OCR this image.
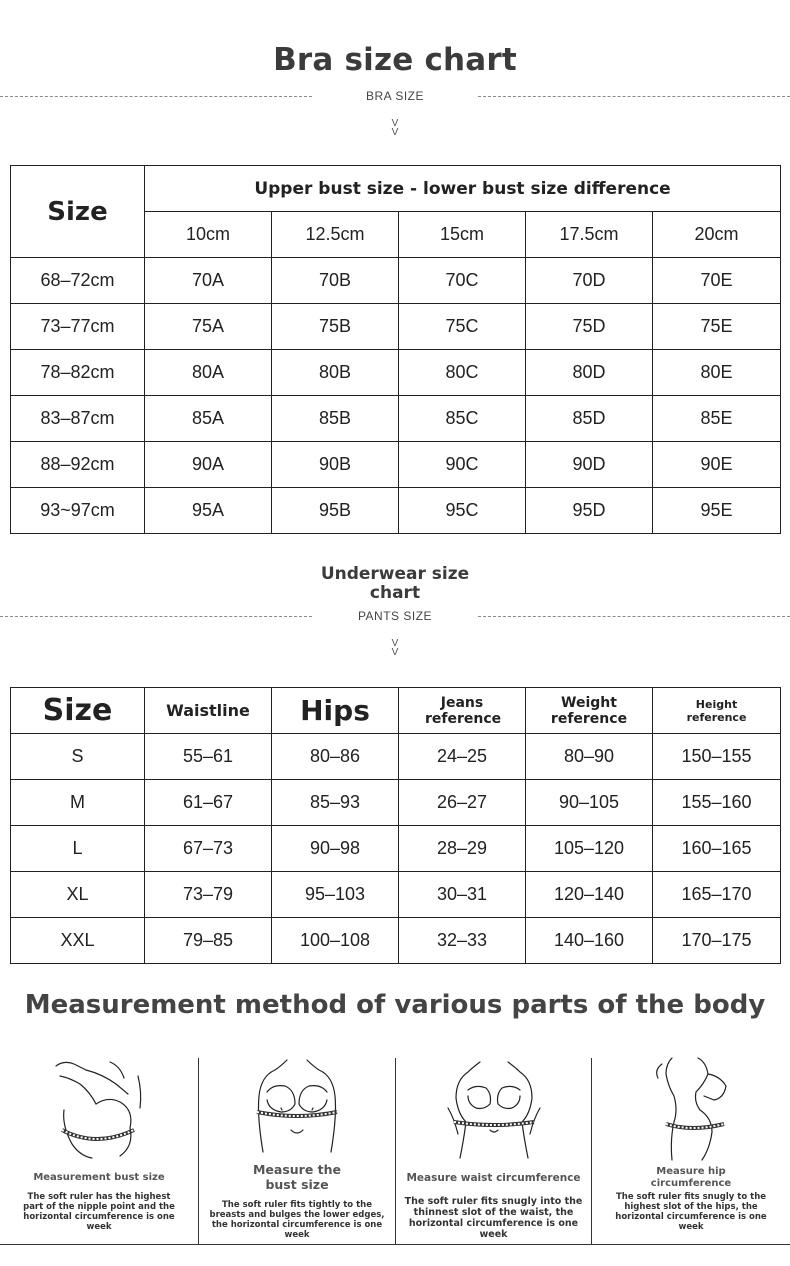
Bra size chart
BRA SIZE
V
V
Size	Upper bust size - lower bust size difference				
	10cm	12.5cm	15cm	17.5cm	20cm
68–72cm	70A	70B	70C	70D	70E
73–77cm	75A	75B	75C	75D	75E
78–82cm	80A	80B	80C	80D	80E
83–87cm	85A	85B	85C	85D	85E
88–92cm	90A	90B	90C	90D	90E
93~97cm	95A	95B	95C	95D	95E
Underwear size chart
PANTS SIZE
V
V
Size	Waistline	Hips	Jeans reference	Weight reference	Height reference
S	55–61	80–86	24–25	80–90	150–155
M	61–67	85–93	26–27	90–105	155–160
L	67–73	90–98	28–29	105–120	160–165
XL	73–79	95–103	30–31	120–140	165–170
XXL	79–85	100–108	32–33	140–160	170–175
Measurement method of various parts of the body
Measurement bust size
The soft ruler has the highest part of the nipple point and the horizontal circumference is one week
Measure the bust size
The soft ruler fits tightly to the breasts and bulges the lower edges, the horizontal circumference is one week
Measure waist circumference
The soft ruler fits snugly into the thinnest slot of the waist, the horizontal circumference is one week
Measure hip circumference
The soft ruler fits snugly to the highest slot of the hips, the horizontal circumference is one week
